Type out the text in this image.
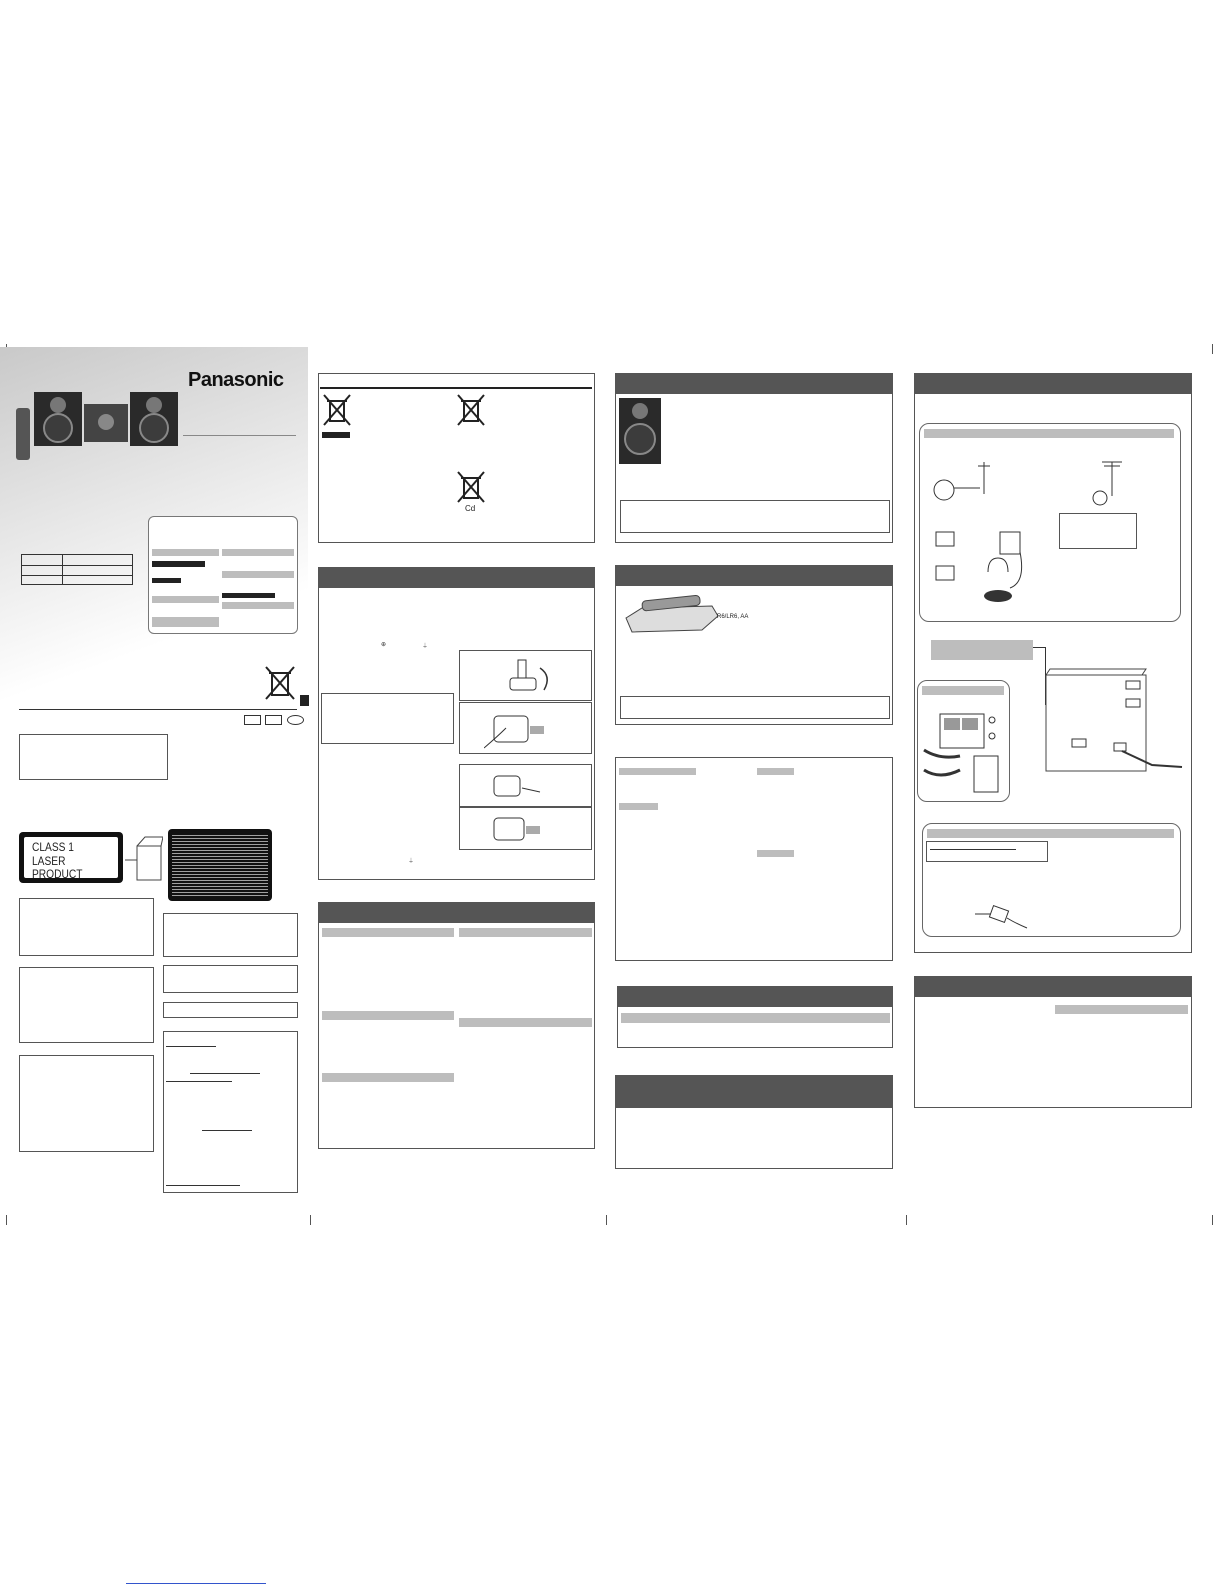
Panasonic

CLASS 1
LASER PRODUCT
Cd
⊕	⏚
⏚
R6/LR6, AA
